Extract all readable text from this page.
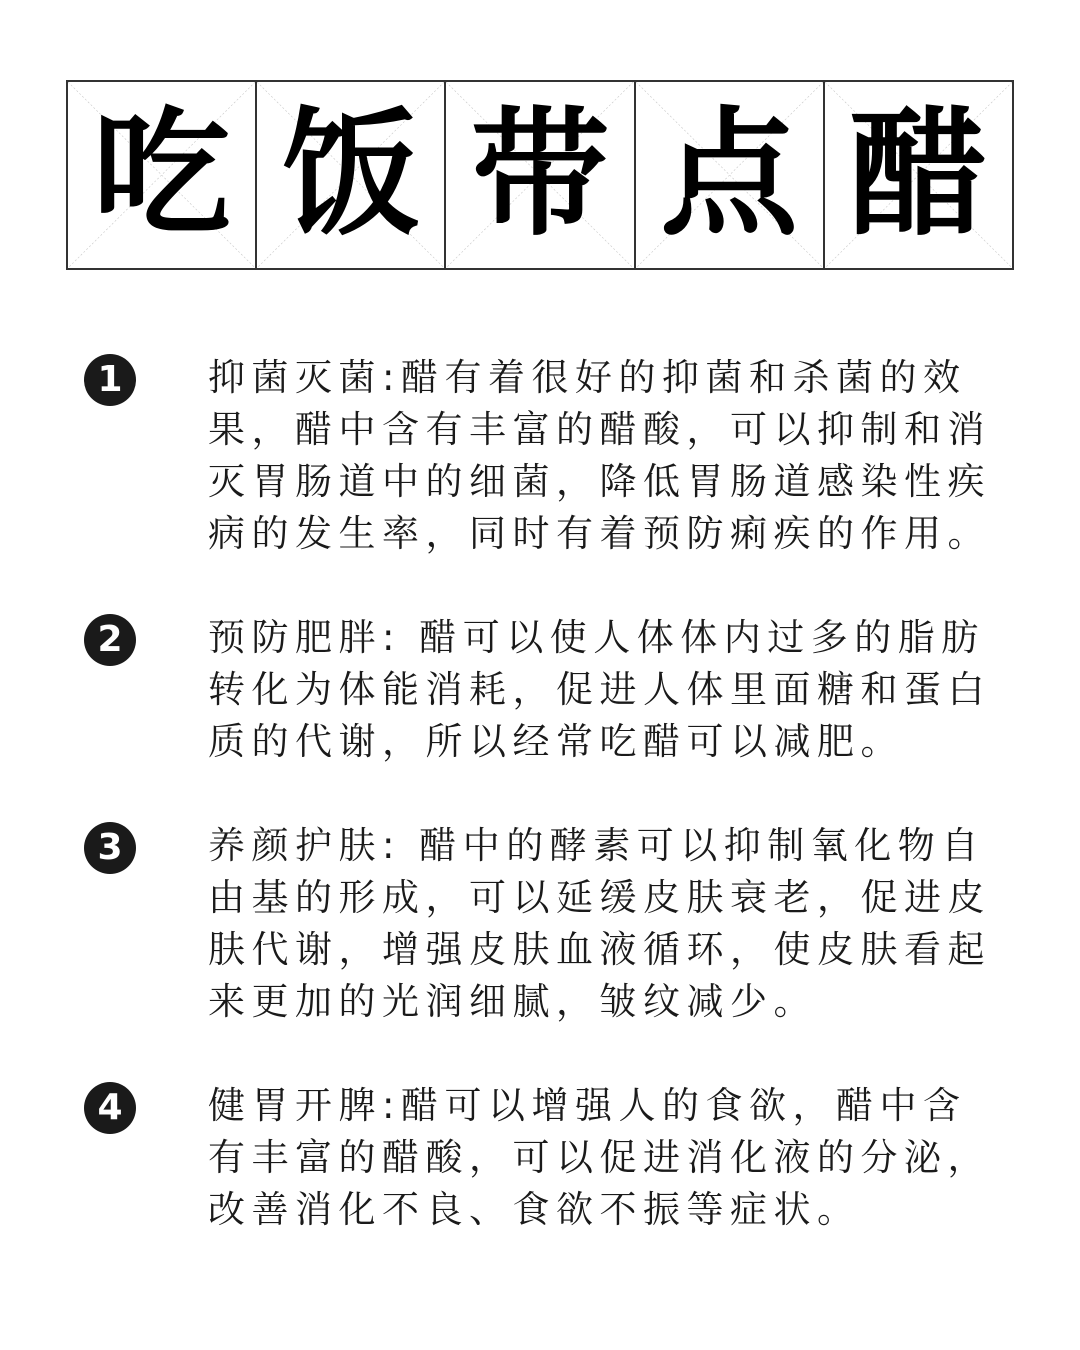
吃 饭 带 点 醋
1	抑菌灭菌:醋有着很好的抑菌和杀菌的效果，醋中含有丰富的醋酸，可以抑制和消灭胃肠道中的细菌，降低胃肠道感染性疾病的发生率，同时有着预防痢疾的作用。

2	预防肥胖: 醋可以使人体体内过多的脂肪转化为体能消耗，促进人体里面糖和蛋白质的代谢，所以经常吃醋可以减肥。

3	养颜护肤: 醋中的酵素可以抑制氧化物自由基的形成，可以延缓皮肤衰老，促进皮肤代谢，增强皮肤血液循环，使皮肤看起来更加的光润细腻，皱纹减少。

4	健胃开脾:醋可以增强人的食欲，醋中含有丰富的醋酸，可以促进消化液的分泌，改善消化不良、食欲不振等症状。
